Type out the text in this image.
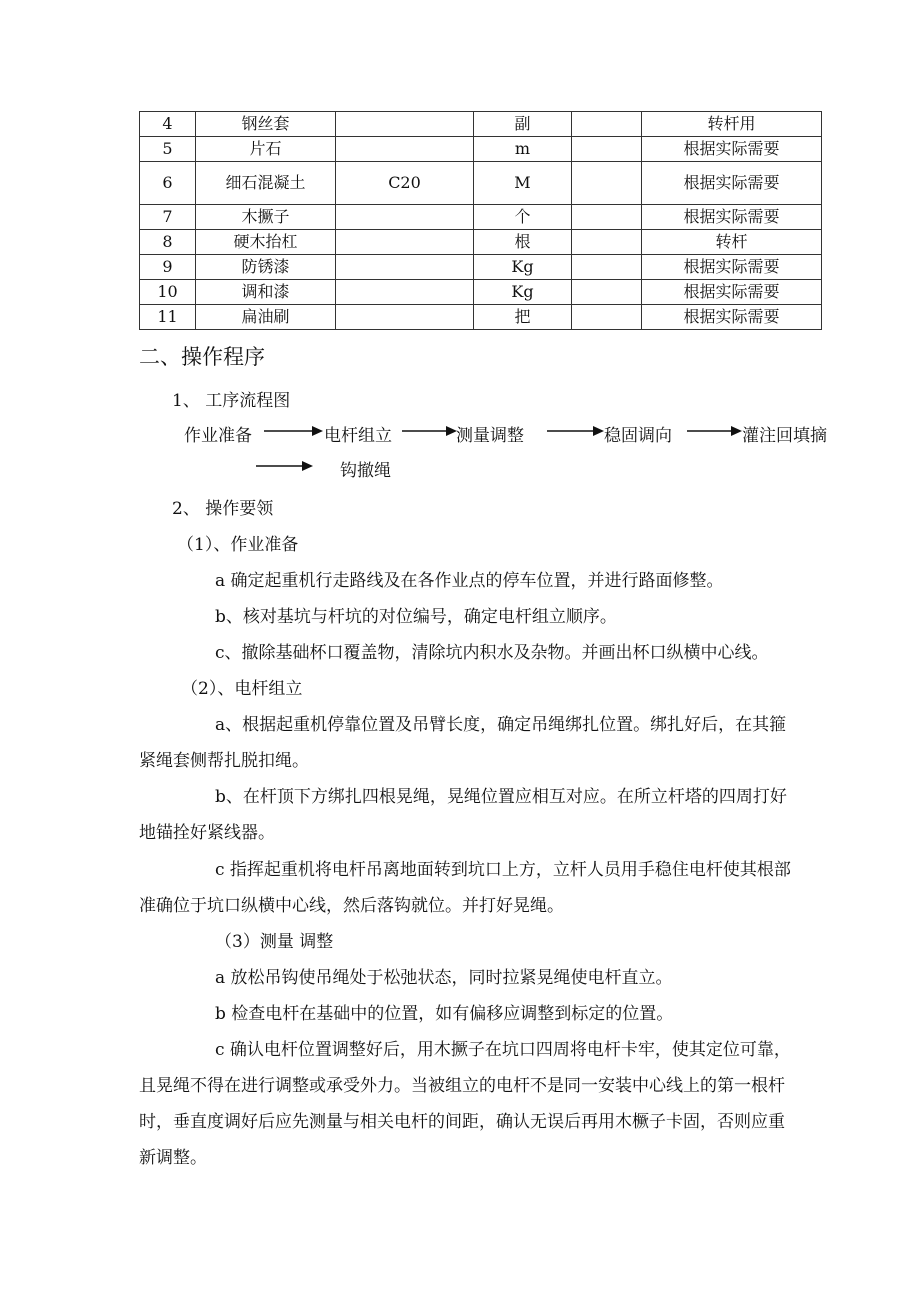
4	钢丝套		副		转杆用
5	片石		m		根据实际需要
6	细石混凝土	C20	M		根据实际需要
7	木撅子		个		根据实际需要
8	硬木抬杠		根		转杆
9	防锈漆		Kg		根据实际需要
10	调和漆		Kg		根据实际需要
11	扁油刷		把		根据实际需要
二、操作程序
1、 工序流程图
作业准备	电杆组立	测量调整	稳固调向	灌注回填摘
钩撤绳
2、 操作要领
（1）、作业准备
a 确定起重机行走路线及在各作业点的停车位置，并进行路面修整。
b、核对基坑与杆坑的对位编号，确定电杆组立顺序。
c、撤除基础杯口覆盖物，清除坑内积水及杂物。并画出杯口纵横中心线。
（2）、电杆组立
a、根据起重机停靠位置及吊臂长度，确定吊绳绑扎位置。绑扎好后，在其箍
紧绳套侧帮扎脱扣绳。
b、在杆顶下方绑扎四根晃绳，晃绳位置应相互对应。在所立杆塔的四周打好
地锚拴好紧线器。
c 指挥起重机将电杆吊离地面转到坑口上方，立杆人员用手稳住电杆使其根部
准确位于坑口纵横中心线，然后落钩就位。并打好晃绳。
（3）测量 调整
a 放松吊钩使吊绳处于松弛状态，同时拉紧晃绳使电杆直立。
b 检查电杆在基础中的位置，如有偏移应调整到标定的位置。
c 确认电杆位置调整好后，用木撅子在坑口四周将电杆卡牢，使其定位可靠，
且晃绳不得在进行调整或承受外力。当被组立的电杆不是同一安装中心线上的第一根杆
时，垂直度调好后应先测量与相关电杆的间距，确认无误后再用木橛子卡固，否则应重
新调整。
